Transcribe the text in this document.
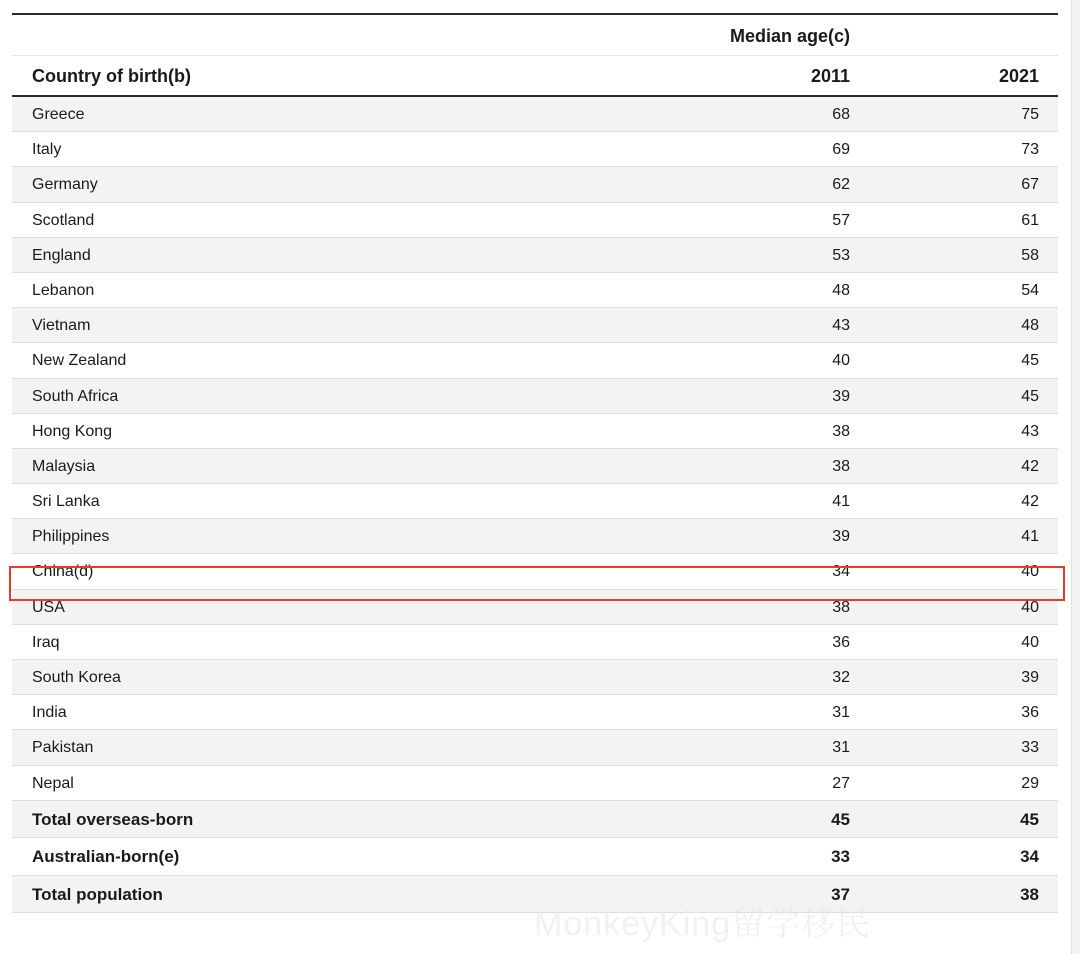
Median age(c)
Country of birth(b)	2011	2021
Greece	68	75
Italy	69	73
Germany	62	67
Scotland	57	61
England	53	58
Lebanon	48	54
Vietnam	43	48
New Zealand	40	45
South Africa	39	45
Hong Kong	38	43
Malaysia	38	42
Sri Lanka	41	42
Philippines	39	41
China(d)	34	40
USA	38	40
Iraq	36	40
South Korea	32	39
India	31	36
Pakistan	31	33
Nepal	27	29
Total overseas-born	45	45
Australian-born(e)	33	34
Total population	37	38
MonkeyKing留学移民
